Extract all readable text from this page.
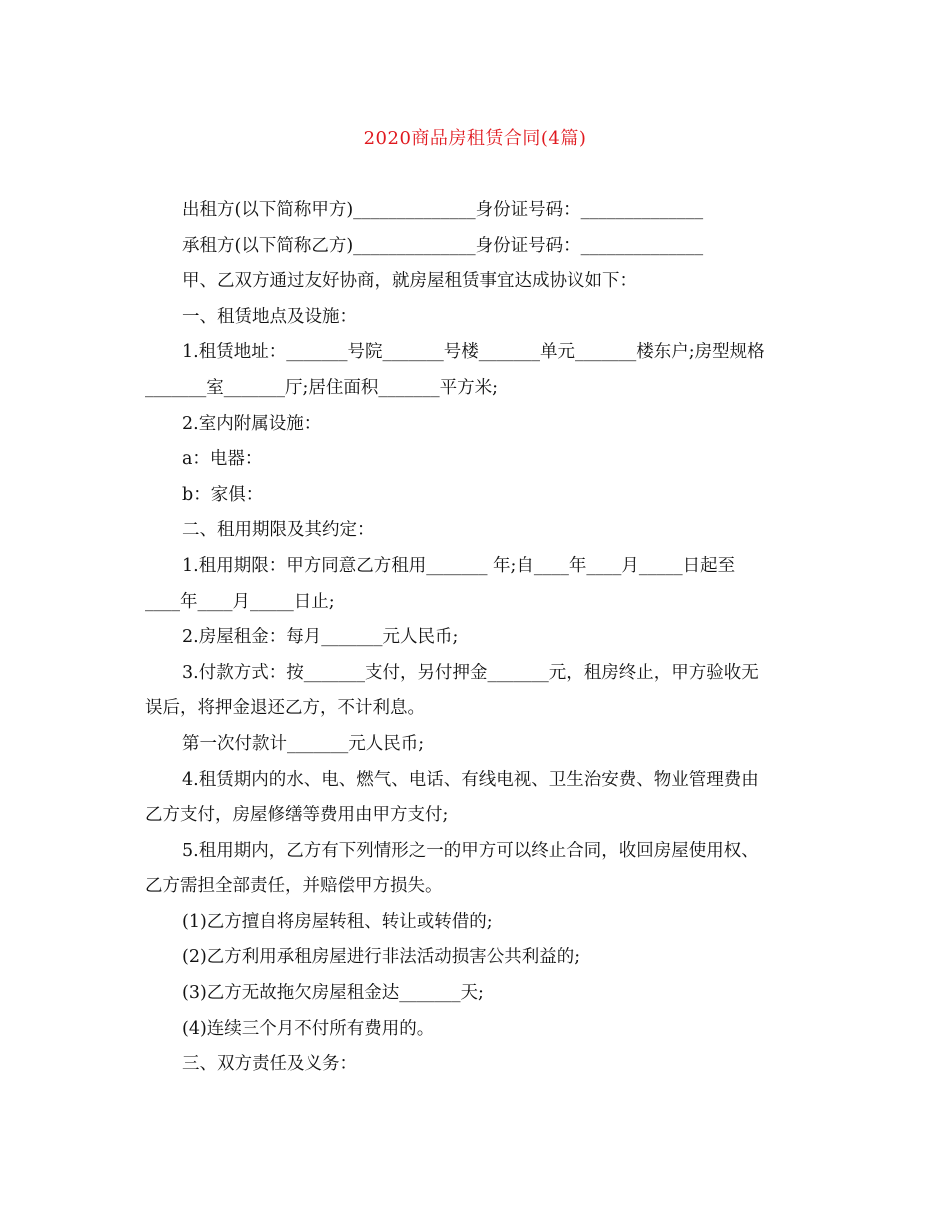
2020商品房租赁合同(4篇)
出租方(以下简称甲方)______________身份证号码：______________
承租方(以下简称乙方)______________身份证号码：______________
甲、乙双方通过友好协商，就房屋租赁事宜达成协议如下：
一、租赁地点及设施：
1.租赁地址：_______号院_______号楼_______单元_______楼东户;房型规格
_______室_______厅;居住面积_______平方米;
2.室内附属设施：
a：电器：
b：家俱：
二、租用期限及其约定：
1.租用期限：甲方同意乙方租用_______ 年;自____年____月_____日起至
____年____月_____日止;
2.房屋租金：每月_______元人民币;
3.付款方式：按_______支付，另付押金_______元，租房终止，甲方验收无
误后，将押金退还乙方，不计利息。
第一次付款计_______元人民币;
4.租赁期内的水、电、燃气、电话、有线电视、卫生治安费、物业管理费由
乙方支付，房屋修缮等费用由甲方支付;
5.租用期内，乙方有下列情形之一的甲方可以终止合同，收回房屋使用权、
乙方需担全部责任，并赔偿甲方损失。
(1)乙方擅自将房屋转租、转让或转借的;
(2)乙方利用承租房屋进行非法活动损害公共利益的;
(3)乙方无故拖欠房屋租金达_______天;
(4)连续三个月不付所有费用的。
三、双方责任及义务：
